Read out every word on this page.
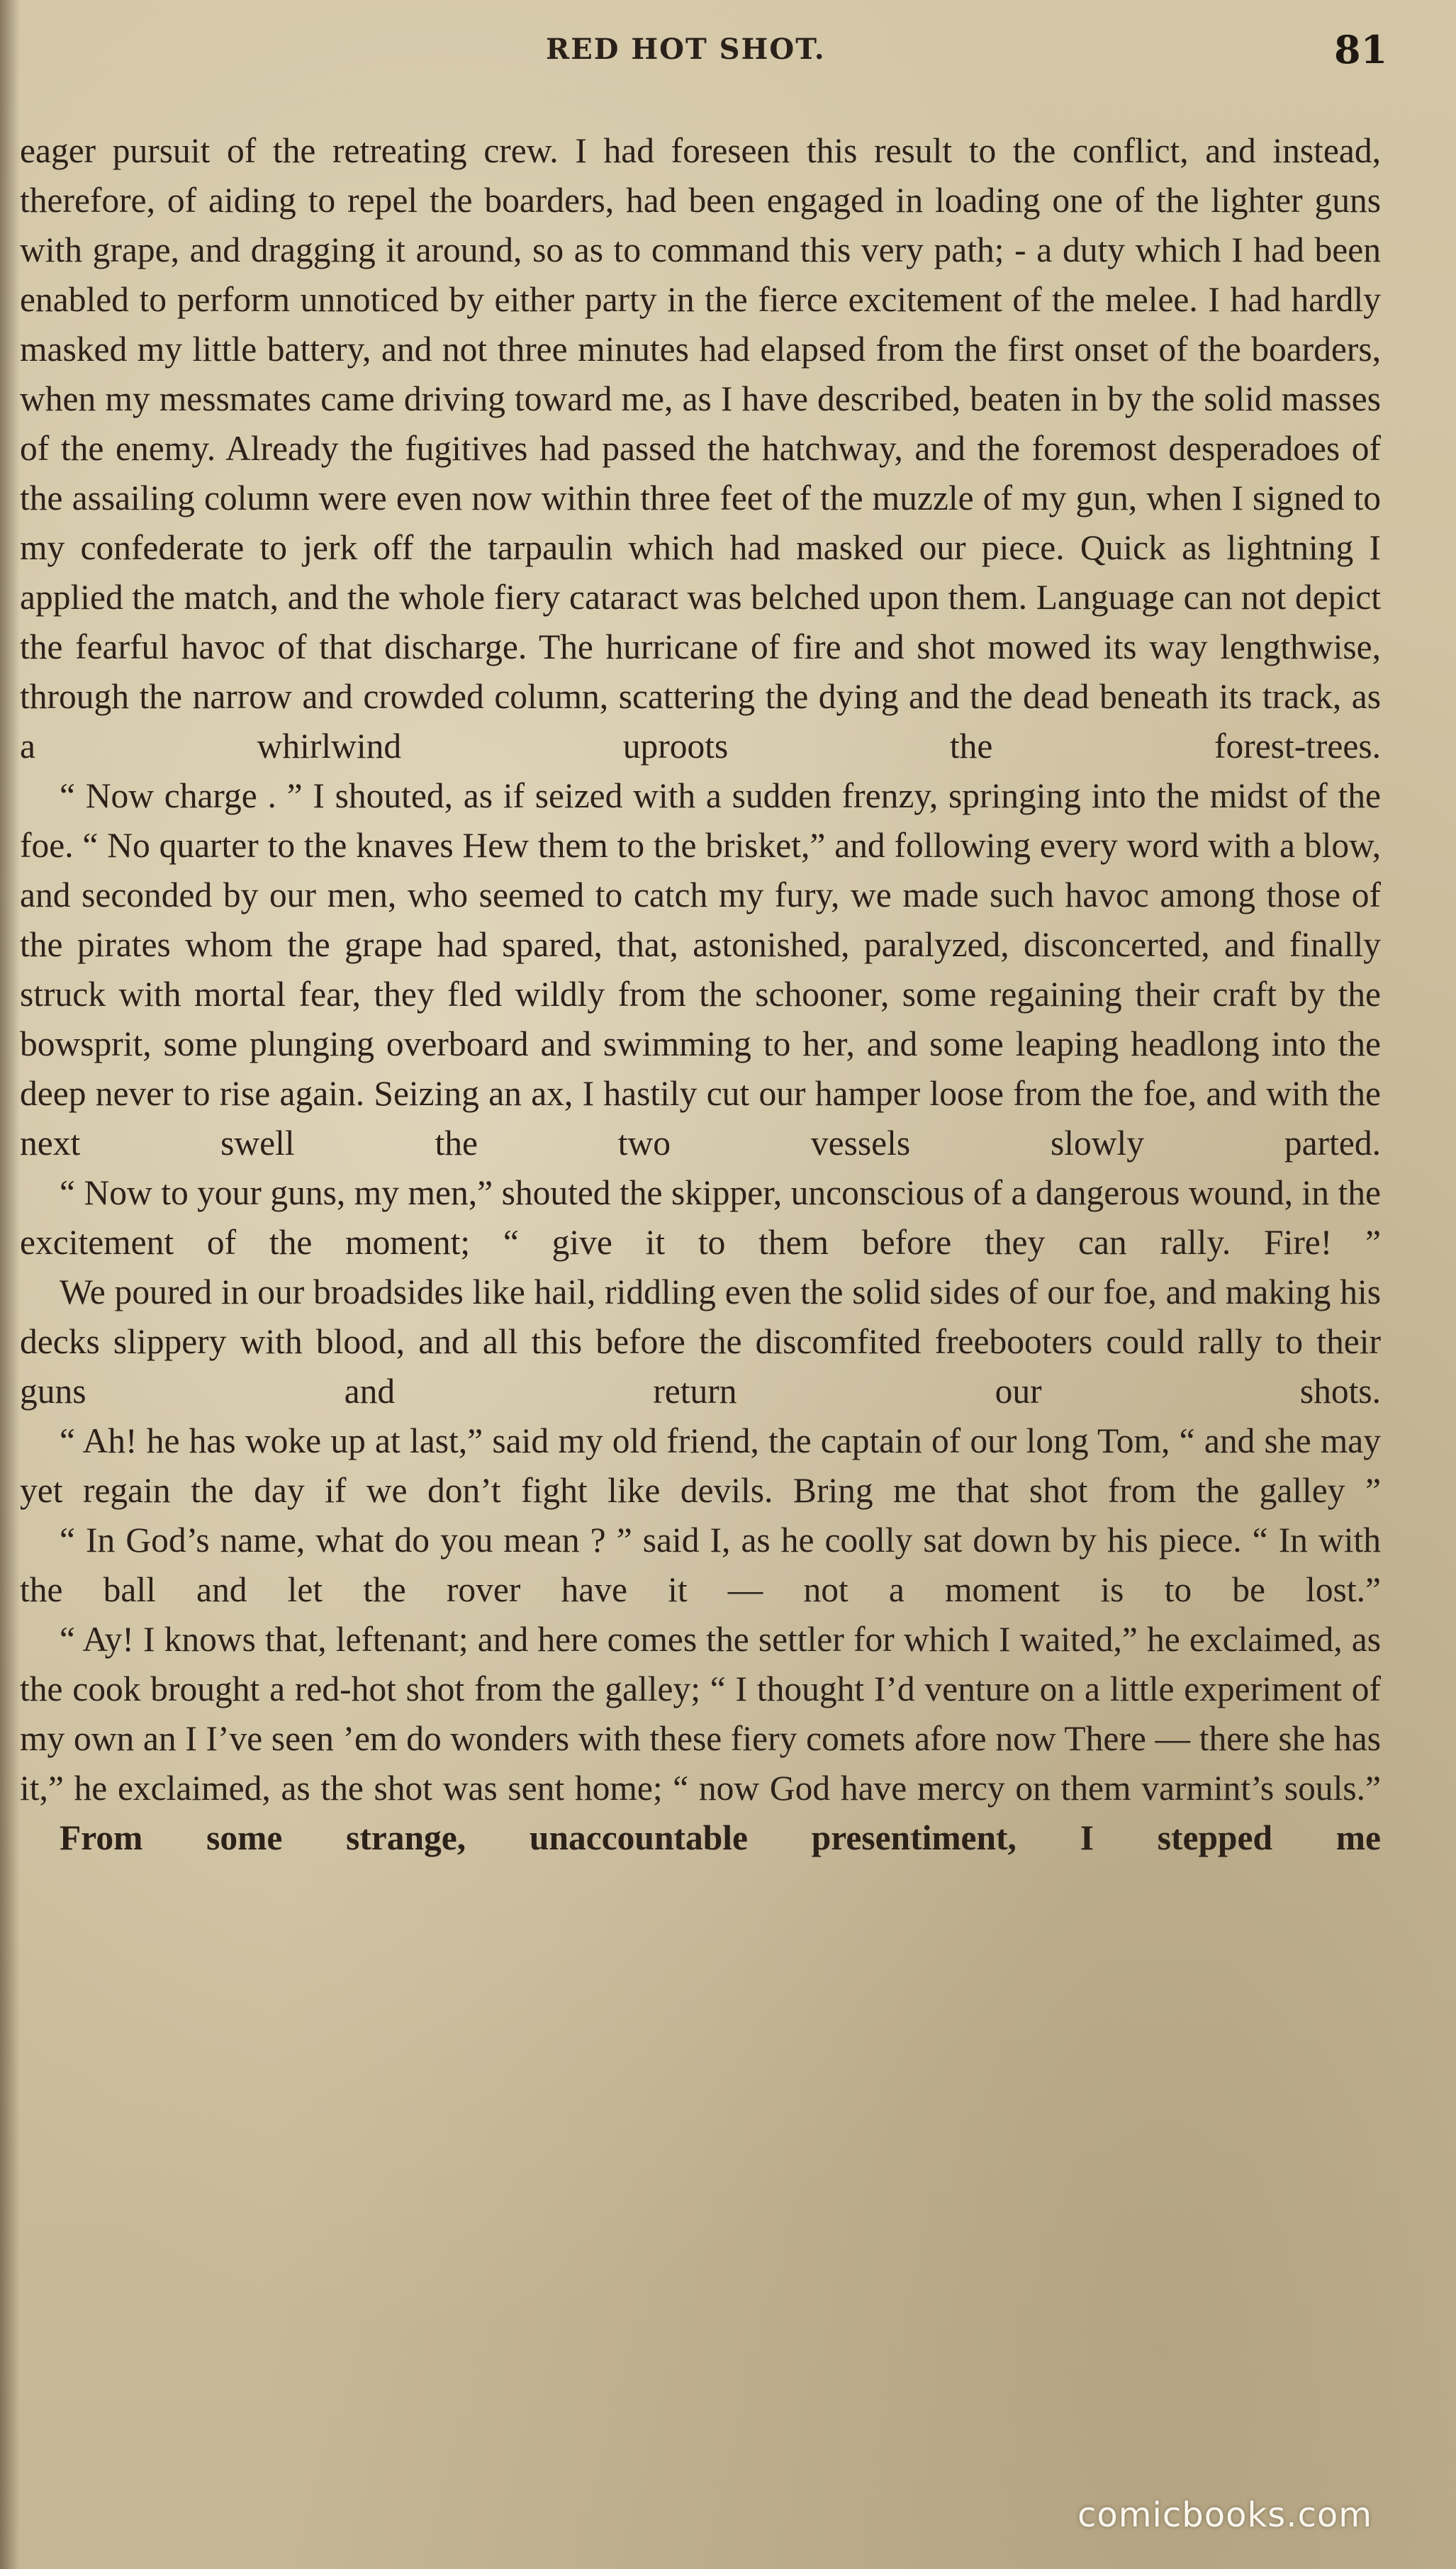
RED HOT SHOT.	81

eager pursuit of the retreating crew. I had foreseen this result to the conflict, and instead, therefore, of aiding to repel the boarders, had been engaged in loading one of the lighter guns with grape, and dragging it around, so as to command this very path; - a duty which I had been enabled to perform unnoticed by either party in the fierce excitement of the melee. I had hardly masked my little battery, and not three minutes had elapsed from the first onset of the boarders, when my messmates came driving toward me, as I have described, beaten in by the solid masses of the enemy. Already the fugitives had passed the hatchway, and the foremost desperadoes of the assailing column were even now within three feet of the muzzle of my gun, when I signed to my confederate to jerk off the tarpaulin which had masked our piece. Quick as lightning I applied the match, and the whole fiery cataract was belched upon them. Language can not depict the fearful havoc of that discharge. The hurricane of fire and shot mowed its way lengthwise, through the narrow and crowded column, scattering the dying and the dead beneath its track, as a whirlwind uproots the forest-trees.

“ Now charge . ” I shouted, as if seized with a sudden frenzy, springing into the midst of the foe. “ No quarter to the knaves Hew them to the brisket,” and following every word with a blow, and seconded by our men, who seemed to catch my fury, we made such havoc among those of the pirates whom the grape had spared, that, astonished, paralyzed, disconcerted, and finally struck with mortal fear, they fled wildly from the schooner, some regaining their craft by the bowsprit, some plunging overboard and swimming to her, and some leaping headlong into the deep never to rise again. Seizing an ax, I hastily cut our hamper loose from the foe, and with the next swell the two vessels slowly parted.

“ Now to your guns, my men,” shouted the skipper, unconscious of a dangerous wound, in the excitement of the moment; “ give it to them before they can rally. Fire! ”

We poured in our broadsides like hail, riddling even the solid sides of our foe, and making his decks slippery with blood, and all this before the discomfited freebooters could rally to their guns and return our shots.

“ Ah! he has woke up at last,” said my old friend, the captain of our long Tom, “ and she may yet regain the day if we don’t fight like devils. Bring me that shot from the galley ”

“ In God’s name, what do you mean ? ” said I, as he coolly sat down by his piece. “ In with the ball and let the rover have it — not a moment is to be lost.”

“ Ay! I knows that, leftenant; and here comes the settler for which I waited,” he exclaimed, as the cook brought a red-hot shot from the galley; “ I thought I’d venture on a little experiment of my own an I I’ve seen ’em do wonders with these fiery comets afore now There — there she has it,” he exclaimed, as the shot was sent home; “ now God have mercy on them varmint’s souls.”

From some strange, unaccountable presentiment, I stepped me

comicbooks.com
